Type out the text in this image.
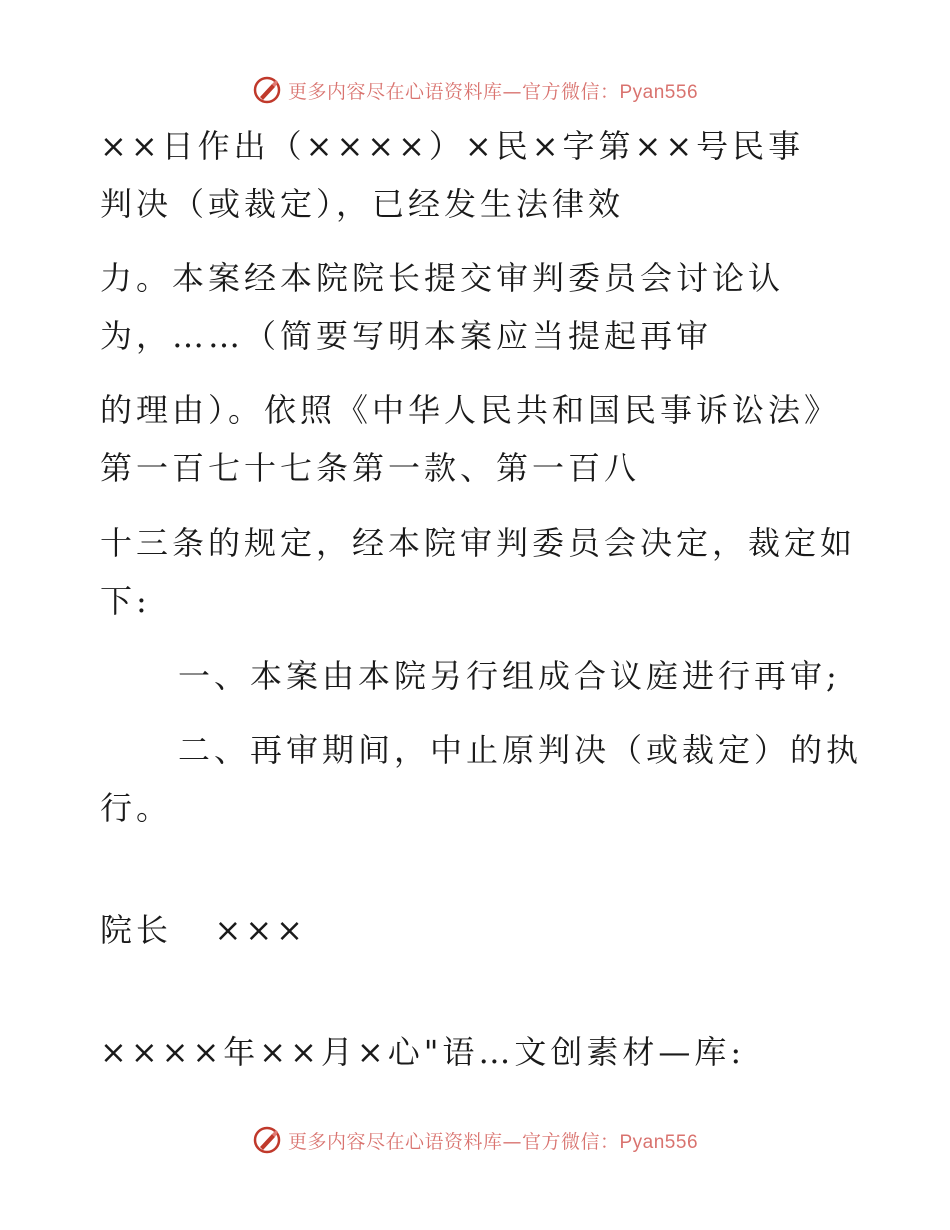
更多内容尽在心语资料库—官方微信：Pyan556
××日作出（××××）×民×字第××号民事
判决（或裁定），已经发生法律效
力。本案经本院院长提交审判委员会讨论认
为，……（简要写明本案应当提起再审
的理由）。依照《中华人民共和国民事诉讼法》
第一百七十七条第一款、第一百八
十三条的规定，经本院审判委员会决定，裁定如
下:
一、本案由本院另行组成合议庭进行再审;
二、再审期间，中止原判决（或裁定）的执
行。
院长   ×××
××××年××月×心"语…文创素材—库:
更多内容尽在心语资料库—官方微信：Pyan556
